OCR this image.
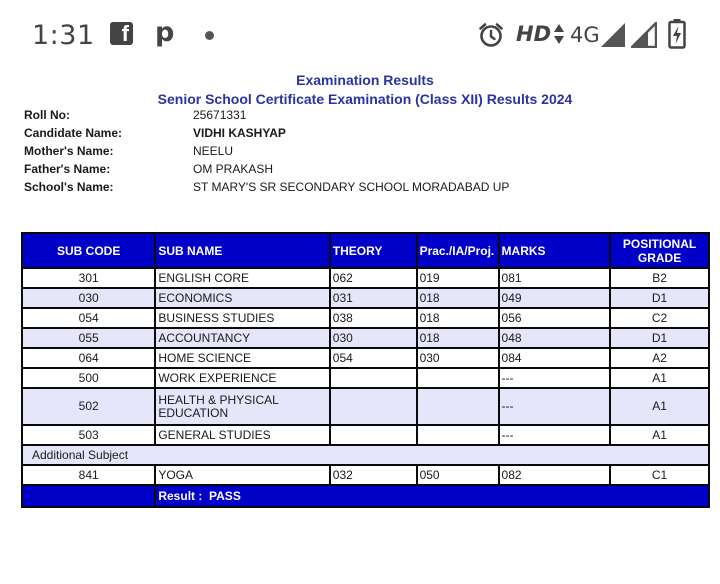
1:31 f p	HD 4G
Examination Results
Senior School Certificate Examination (Class XII) Results 2024
Roll No:	25671331
Candidate Name:	VIDHI KASHYAP
Mother's Name:	NEELU
Father's Name:	OM PRAKASH
School's Name:	ST MARY'S SR SECONDARY SCHOOL MORADABAD UP
SUB CODE	SUB NAME	THEORY	Prac./IA/Proj.	MARKS	POSITIONAL GRADE
301	ENGLISH CORE	062	019	081	B2
030	ECONOMICS	031	018	049	D1
054	BUSINESS STUDIES	038	018	056	C2
055	ACCOUNTANCY	030	018	048	D1
064	HOME SCIENCE	054	030	084	A2
500	WORK EXPERIENCE			---	A1
502	HEALTH & PHYSICAL EDUCATION			---	A1
503	GENERAL STUDIES			---	A1
Additional Subject					
841	YOGA	032	050	082	C1
	Result : PASS				
